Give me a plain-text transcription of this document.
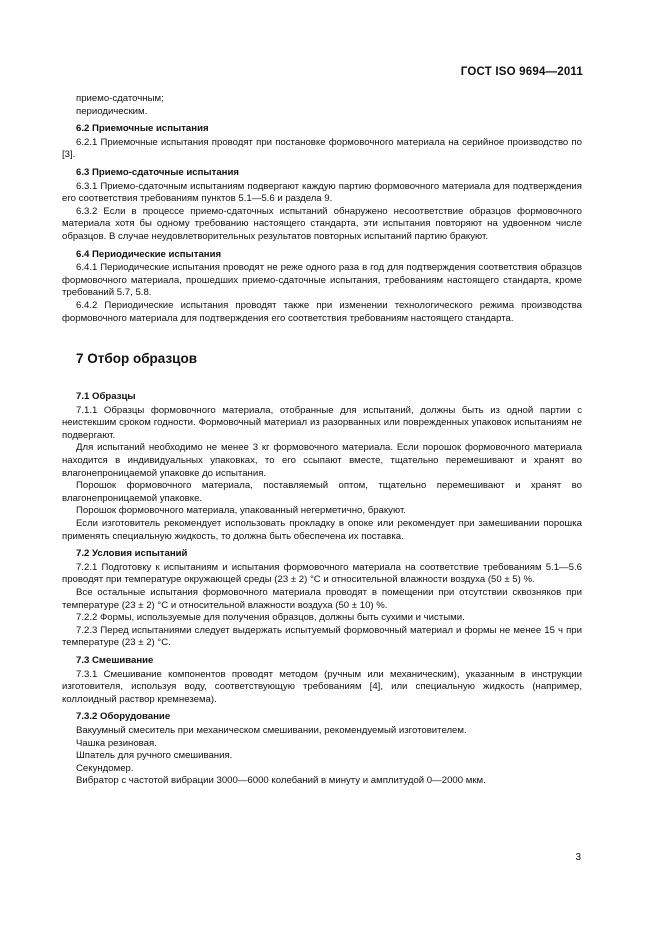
ГОСТ ISO 9694—2011
приемо-сдаточным;
периодическим.
6.2 Приемочные испытания
6.2.1 Приемочные испытания проводят при постановке формовочного материала на серийное производство по [3].
6.3 Приемо-сдаточные испытания
6.3.1 Приемо-сдаточным испытаниям подвергают каждую партию формовочного материала для подтверждения его соответствия требованиям пунктов 5.1—5.6 и раздела 9.
6.3.2 Если в процессе приемо-сдаточных испытаний обнаружено несоответствие образцов формовочного материала хотя бы одному требованию настоящего стандарта, эти испытания повторяют на удвоенном числе образцов. В случае неудовлетворительных результатов повторных испытаний партию бракуют.
6.4 Периодические испытания
6.4.1 Периодические испытания проводят не реже одного раза в год для подтверждения соответствия образцов формовочного материала, прошедших приемо-сдаточные испытания, требованиям настоящего стандарта, кроме требований 5.7, 5.8.
6.4.2 Периодические испытания проводят также при изменении технологического режима производства формовочного материала для подтверждения его соответствия требованиям настоящего стандарта.
7 Отбор образцов
7.1 Образцы
7.1.1 Образцы формовочного материала, отобранные для испытаний, должны быть из одной партии с неистекшим сроком годности. Формовочный материал из разорванных или поврежденных упаковок испытаниям не подвергают.
Для испытаний необходимо не менее 3 кг формовочного материала. Если порошок формовочного материала находится в индивидуальных упаковках, то его ссыпают вместе, тщательно перемешивают и хранят во влагонепроницаемой упаковке до испытания.
Порошок формовочного материала, поставляемый оптом, тщательно перемешивают и хранят во влагонепроницаемой упаковке.
Порошок формовочного материала, упакованный негерметично, бракуют.
Если изготовитель рекомендует использовать прокладку в опоке или рекомендует при замешивании порошка применять специальную жидкость, то должна быть обеспечена их поставка.
7.2 Условия испытаний
7.2.1 Подготовку к испытаниям и испытания формовочного материала на соответствие требованиям 5.1—5.6 проводят при температуре окружающей среды (23 ± 2) °С и относительной влажности воздуха (50 ± 5) %.
Все остальные испытания формовочного материала проводят в помещении при отсутствии сквозняков при температуре (23 ± 2) °С и относительной влажности воздуха (50 ± 10) %.
7.2.2 Формы, используемые для получения образцов, должны быть сухими и чистыми.
7.2.3 Перед испытаниями следует выдержать испытуемый формовочный материал и формы не менее 15 ч при температуре (23 ± 2) °С.
7.3 Смешивание
7.3.1 Смешивание компонентов проводят методом (ручным или механическим), указанным в инструкции изготовителя, используя воду, соответствующую требованиям [4], или специальную жидкость (например, коллоидный раствор кремнезема).
7.3.2 Оборудование
Вакуумный смеситель при механическом смешивании, рекомендуемый изготовителем.
Чашка резиновая.
Шпатель для ручного смешивания.
Секундомер.
Вибратор с частотой вибрации 3000—6000 колебаний в минуту и амплитудой 0—2000 мкм.
3
